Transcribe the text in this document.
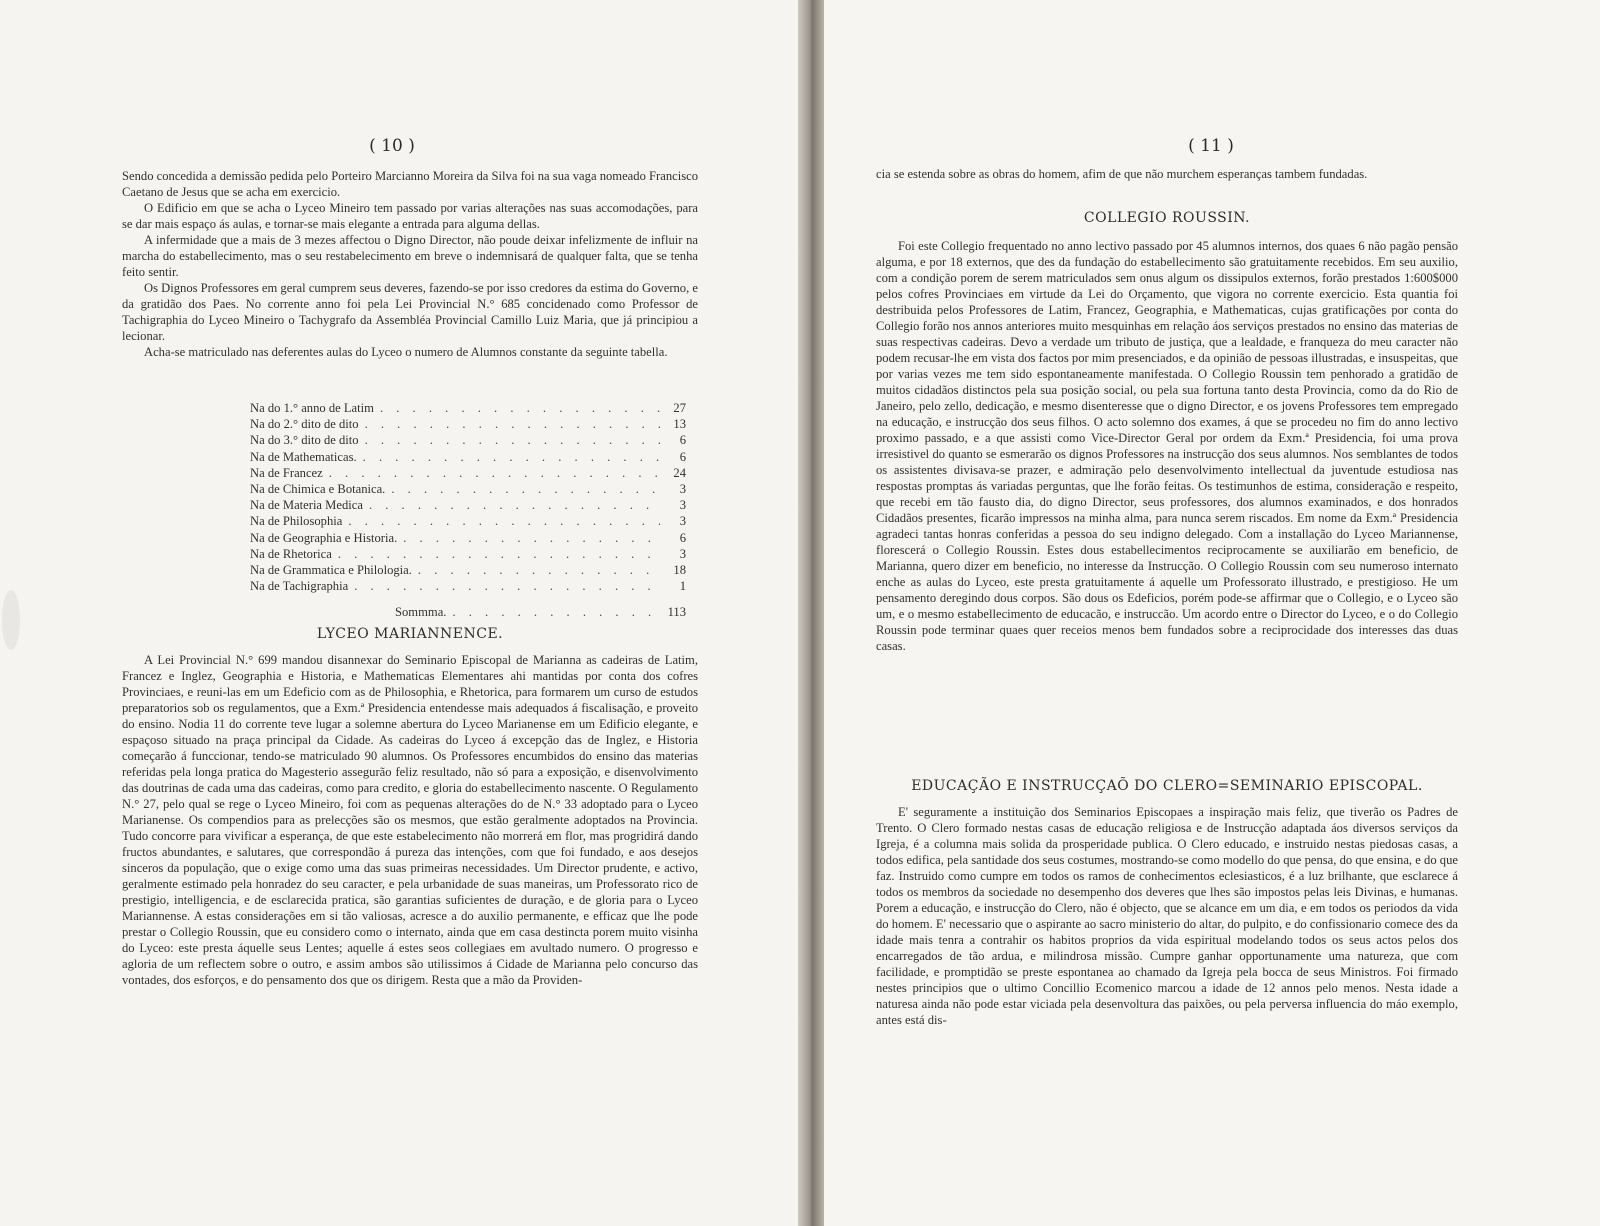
( 10 )

Sendo concedida a demissão pedida pelo Porteiro Marcianno Moreira da Silva foi na sua vaga nomeado Francisco Caetano de Jesus que se acha em exercicio.

O Edificio em que se acha o Lyceo Mineiro tem passado por varias alterações nas suas accomodações, para se dar mais espaço ás aulas, e tornar-se mais elegante a entrada para alguma dellas.

A infermidade que a mais de 3 mezes affectou o Digno Director, não poude deixar infelizmente de influir na marcha do estabellecimento, mas o seu restabelecimento em breve o indemnisará de qualquer falta, que se tenha feito sentir.

Os Dignos Professores em geral cumprem seus deveres, fazendo-se por isso credores da estima do Governo, e da gratidão dos Paes. No corrente anno foi pela Lei Provincial N.° 685 concidenado como Professor de Tachigraphia do Lyceo Mineiro o Tachygrafo da Assembléa Provincial Camillo Luiz Maria, que já principiou a lecionar.

Acha-se matriculado nas deferentes aulas do Lyceo o numero de Alumnos constante da seguinte tabella.

Na do 1.° anno de Latim . . .	27
Na do 2.° dito de dito . . .	13
Na do 3.° dito de dito . . .	6
Na de Mathematicas. . . .	6
Na de Francez . . .	24
Na de Chimica e Botanica. . . .	3
Na de Materia Medica . . .	3
Na de Philosophia . . .	3
Na de Geographia e Historia. . . .	6
Na de Rhetorica . . .	3
Na de Grammatica e Philologia. . . .	18
Na de Tachigraphia . . .	1
Sommma. . . .	113
LYCEO MARIANNENCE.

A Lei Provincial N.° 699 mandou disannexar do Seminario Episcopal de Marianna as cadeiras de Latim, Francez e Inglez, Geographia e Historia, e Mathematicas Elementares ahi mantidas por conta dos cofres Provinciaes, e reuni-las em um Edeficio com as de Philosophia, e Rhetorica, para formarem um curso de estudos preparatorios sob os regulamentos, que a Exm.ª Presidencia entendesse mais adequados á fiscalisação, e proveito do ensino. Nodia 11 do corrente teve lugar a solemne abertura do Lyceo Marianense em um Edificio elegante, e espaçoso situado na praça principal da Cidade. As cadeiras do Lyceo á excepção das de Inglez, e Historia começarão á funccionar, tendo-se matriculado 90 alumnos. Os Professores encumbidos do ensino das materias referidas pela longa pratica do Magesterio assegurão feliz resultado, não só para a exposição, e disenvolvimento das doutrinas de cada uma das cadeiras, como para credito, e gloria do estabellecimento nascente. O Regulamento N.° 27, pelo qual se rege o Lyceo Mineiro, foi com as pequenas alterações do de N.° 33 adoptado para o Lyceo Marianense. Os compendios para as prelecções são os mesmos, que estão geralmente adoptados na Provincia. Tudo concorre para vivificar a esperança, de que este estabelecimento não morrerá em flor, mas progridirá dando fructos abundantes, e salutares, que correspondão á pureza das intenções, com que foi fundado, e aos desejos sinceros da população, que o exige como uma das suas primeiras necessidades. Um Director prudente, e activo, geralmente estimado pela honradez do seu caracter, e pela urbanidade de suas maneiras, um Professorato rico de prestigio, intelligencia, e de esclarecida pratica, são garantias suficientes de duração, e de gloria para o Lyceo Mariannense. A estas considerações em si tão valiosas, acresce a do auxilio permanente, e efficaz que lhe pode prestar o Collegio Roussin, que eu considero como o internato, ainda que em casa destincta porem muito visinha do Lyceo: este presta áquelle seus Lentes; aquelle á estes seos collegiaes em avultado numero. O progresso e agloria de um reflectem sobre o outro, e assim ambos são utilissimos á Cidade de Marianna pelo concurso das vontades, dos esforços, e do pensamento dos que os dirigem. Resta que a mão da Providen-

( 11 )

cia se estenda sobre as obras do homem, afim de que não murchem esperanças tambem fundadas.

COLLEGIO ROUSSIN.

Foi este Collegio frequentado no anno lectivo passado por 45 alumnos internos, dos quaes 6 não pagão pensão alguma, e por 18 externos, que des da fundação do estabellecimento são gratuitamente recebidos. Em seu auxilio, com a condição porem de serem matriculados sem onus algum os dissipulos externos, forão prestados 1:600$000 pelos cofres Provinciaes em virtude da Lei do Orçamento, que vigora no corrente exercicio. Esta quantia foi destribuida pelos Professores de Latim, Francez, Geographia, e Mathematicas, cujas gratificações por conta do Collegio forão nos annos anteriores muito mesquinhas em relação áos serviços prestados no ensino das materias de suas respectivas cadeiras. Devo a verdade um tributo de justiça, que a lealdade, e franqueza do meu caracter não podem recusar-lhe em vista dos factos por mim presenciados, e da opinião de pessoas illustradas, e insuspeitas, que por varias vezes me tem sido espontaneamente manifestada. O Collegio Roussin tem penhorado a gratidão de muitos cidadãos distinctos pela sua posição social, ou pela sua fortuna tanto desta Provincia, como da do Rio de Janeiro, pelo zello, dedicação, e mesmo disenteresse que o digno Director, e os jovens Professores tem empregado na educação, e instrucção dos seus filhos. O acto solemno dos exames, á que se procedeu no fim do anno lectivo proximo passado, e a que assisti como Vice-Director Geral por ordem da Exm.ª Presidencia, foi uma prova irresistivel do quanto se esmerarão os dignos Professores na instrucção dos seus alumnos. Nos semblantes de todos os assistentes divisava-se prazer, e admiração pelo desenvolvimento intellectual da juventude estudiosa nas respostas promptas ás variadas perguntas, que lhe forão feitas. Os testimunhos de estima, consideração e respeito, que recebi em tão fausto dia, do digno Director, seus professores, dos alumnos examinados, e dos honrados Cidadãos presentes, ficarão impressos na minha alma, para nunca serem riscados. Em nome da Exm.ª Presidencia agradeci tantas honras conferidas a pessoa do seu indigno delegado. Com a installação do Lyceo Mariannense, florescerá o Collegio Roussin. Estes dous estabellecimentos reciprocamente se auxiliarão em beneficio, de Marianna, quero dizer em beneficio, no interesse da Instrucção. O Collegio Roussin com seu numeroso internato enche as aulas do Lyceo, este presta gratuitamente á aquelle um Professorato illustrado, e prestigioso. He um pensamento deregindo dous corpos. São dous os Edeficios, porém pode-se affirmar que o Collegio, e o Lyceo são um, e o mesmo estabellecimento de educacão, e instruccão. Um acordo entre o Director do Lyceo, e o do Collegio Roussin pode terminar quaes quer receios menos bem fundados sobre a reciprocidade dos interesses das duas casas.

EDUCAÇÃO E INSTRUCÇAÕ DO CLERO=SEMINARIO EPISCOPAL.

E' seguramente a instituição dos Seminarios Episcopaes a inspiração mais feliz, que tiverão os Padres de Trento. O Clero formado nestas casas de educação religiosa e de Instrucção adaptada áos diversos serviços da Igreja, é a columna mais solida da prosperidade publica. O Clero educado, e instruido nestas piedosas casas, a todos edifica, pela santidade dos seus costumes, mostrando-se como modello do que pensa, do que ensina, e do que faz. Instruido como cumpre em todos os ramos de conhecimentos eclesiasticos, é a luz brilhante, que esclarece á todos os membros da sociedade no desempenho dos deveres que lhes são impostos pelas leis Divinas, e humanas. Porem a educação, e instrucção do Clero, não é objecto, que se alcance em um dia, e em todos os periodos da vida do homem. E' necessario que o aspirante ao sacro ministerio do altar, do pulpito, e do confissionario comece des da idade mais tenra a contrahir os habitos proprios da vida espiritual modelando todos os seus actos pelos dos encarregados de tão ardua, e milindrosa missão. Cumpre ganhar opportunamente uma natureza, que com facilidade, e promptidão se preste espontanea ao chamado da Igreja pela bocca de seus Ministros. Foi firmado nestes principios que o ultimo Concillio Ecomenico marcou a idade de 12 annos pelo menos. Nesta idade a naturesa ainda não pode estar viciada pela desenvoltura das paixões, ou pela perversa influencia do máo exemplo, antes está dis-
